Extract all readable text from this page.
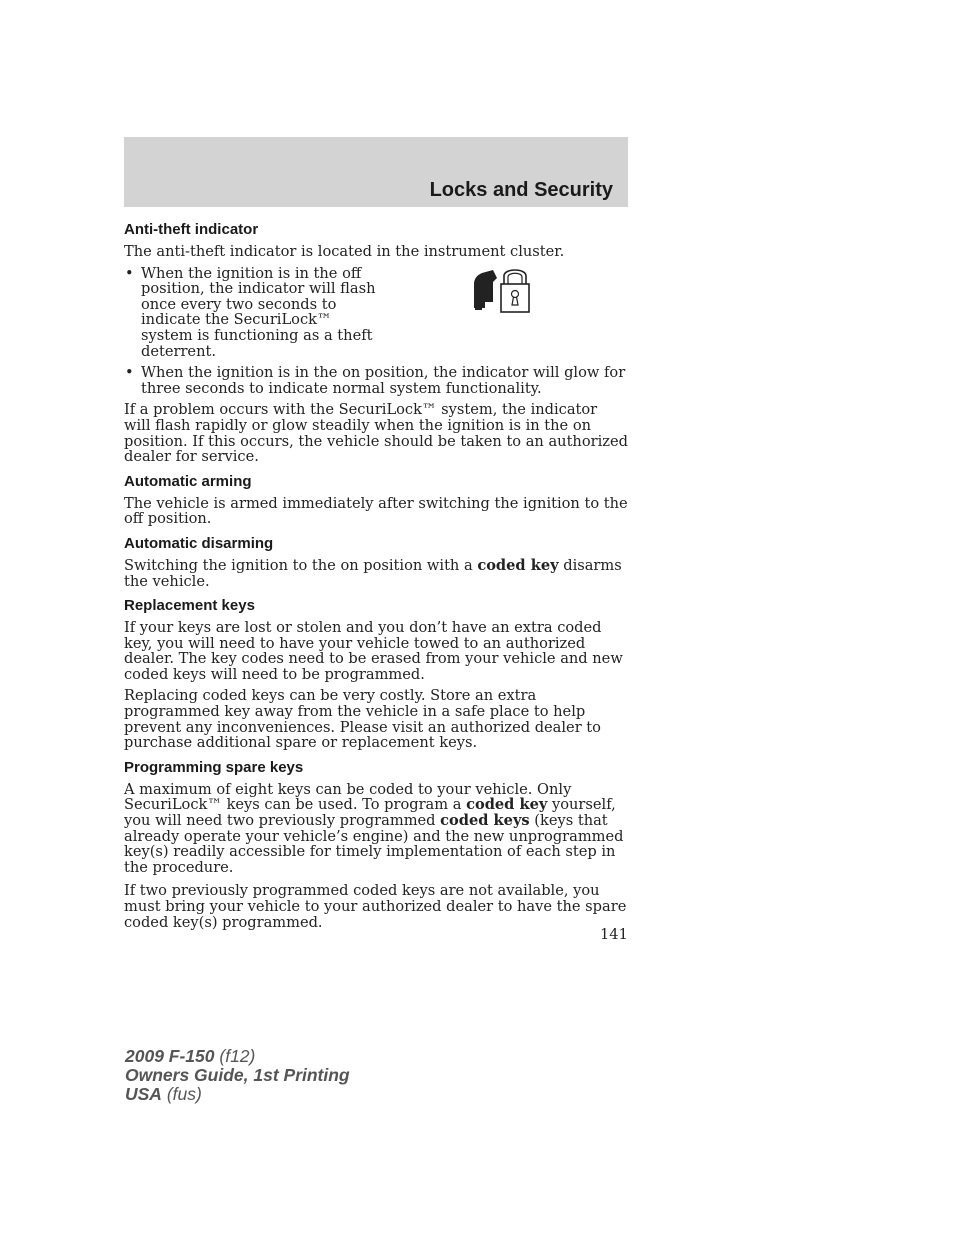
Locks and Security
Anti-theft indicator

The anti-theft indicator is located in the instrument cluster.

• When the ignition is in the off position, the indicator will flash once every two seconds to indicate the SecuriLock™ system is functioning as a theft deterrent.
• When the ignition is in the on position, the indicator will glow for three seconds to indicate normal system functionality.

If a problem occurs with the SecuriLock™ system, the indicator will flash rapidly or glow steadily when the ignition is in the on position. If this occurs, the vehicle should be taken to an authorized dealer for service.

Automatic arming

The vehicle is armed immediately after switching the ignition to the off position.

Automatic disarming

Switching the ignition to the on position with a coded key disarms the vehicle.

Replacement keys

If your keys are lost or stolen and you don’t have an extra coded key, you will need to have your vehicle towed to an authorized dealer. The key codes need to be erased from your vehicle and new coded keys will need to be programmed.

Replacing coded keys can be very costly. Store an extra programmed key away from the vehicle in a safe place to help prevent any inconveniences. Please visit an authorized dealer to purchase additional spare or replacement keys.

Programming spare keys

A maximum of eight keys can be coded to your vehicle. Only SecuriLock™ keys can be used. To program a coded key yourself, you will need two previously programmed coded keys (keys that already operate your vehicle’s engine) and the new unprogrammed key(s) readily accessible for timely implementation of each step in the procedure.

If two previously programmed coded keys are not available, you must bring your vehicle to your authorized dealer to have the spare coded key(s) programmed.

141
2009 F-150 (f12)
Owners Guide, 1st Printing
USA (fus)
